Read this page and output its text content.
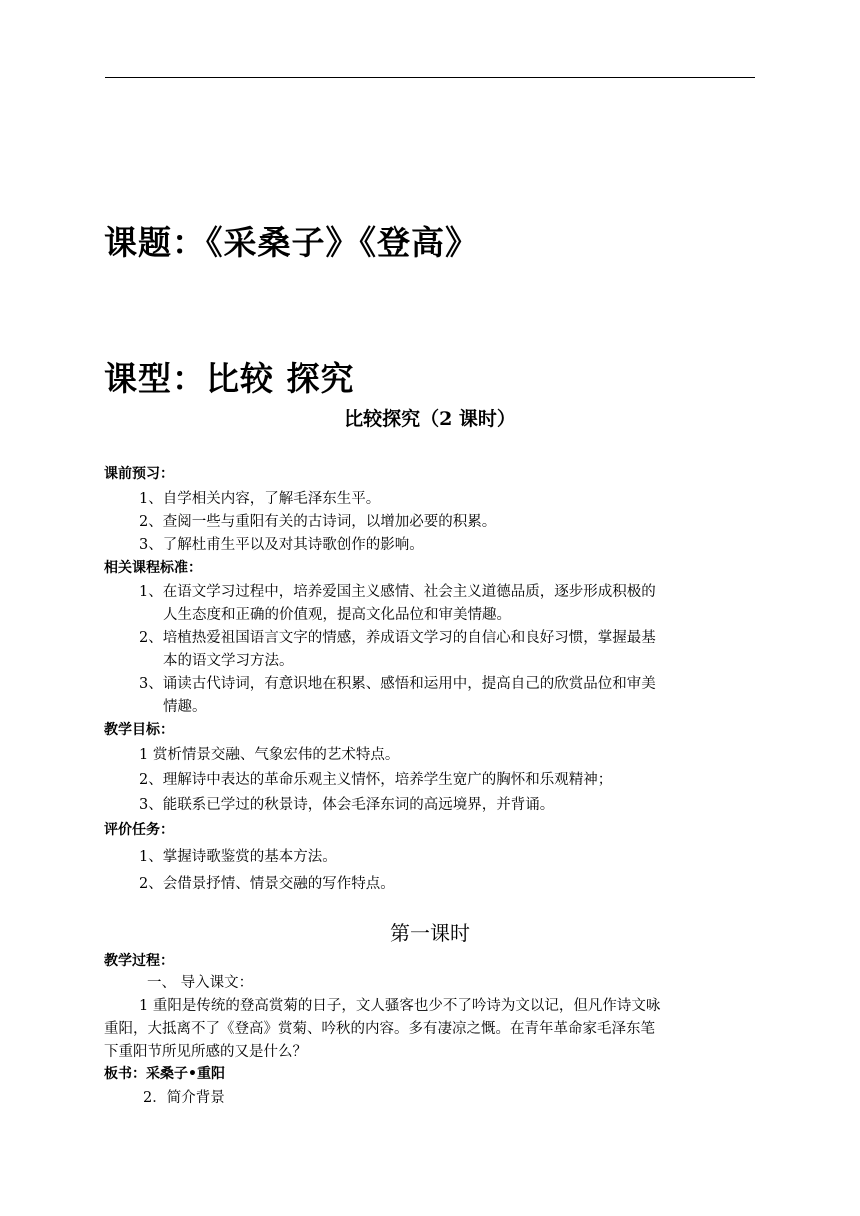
课题：《采桑子》《登高》
课型：比较 探究
比较探究（2 课时）
课前预习：
1、自学相关内容，了解毛泽东生平。
2、查阅一些与重阳有关的古诗词，以增加必要的积累。
3、了解杜甫生平以及对其诗歌创作的影响。
相关课程标准：
1、在语文学习过程中，培养爱国主义感情、社会主义道德品质，逐步形成积极的
人生态度和正确的价值观，提高文化品位和审美情趣。
2、培植热爱祖国语言文字的情感，养成语文学习的自信心和良好习惯，掌握最基
本的语文学习方法。
3、诵读古代诗词，有意识地在积累、感悟和运用中，提高自己的欣赏品位和审美
情趣。
教学目标：
1 赏析情景交融、气象宏伟的艺术特点。
2、理解诗中表达的革命乐观主义情怀，培养学生宽广的胸怀和乐观精神；
3、能联系已学过的秋景诗，体会毛泽东词的高远境界，并背诵。
评价任务：
1、掌握诗歌鉴赏的基本方法。
2、会借景抒情、情景交融的写作特点。
第一课时
教学过程：
一、 导入课文：
1 重阳是传统的登高赏菊的日子，文人骚客也少不了吟诗为文以记，但凡作诗文咏
重阳，大抵离不了《登高》赏菊、吟秋的内容。多有凄凉之慨。在青年革命家毛泽东笔
下重阳节所见所感的又是什么？
板书：采桑子•重阳
2．简介背景
